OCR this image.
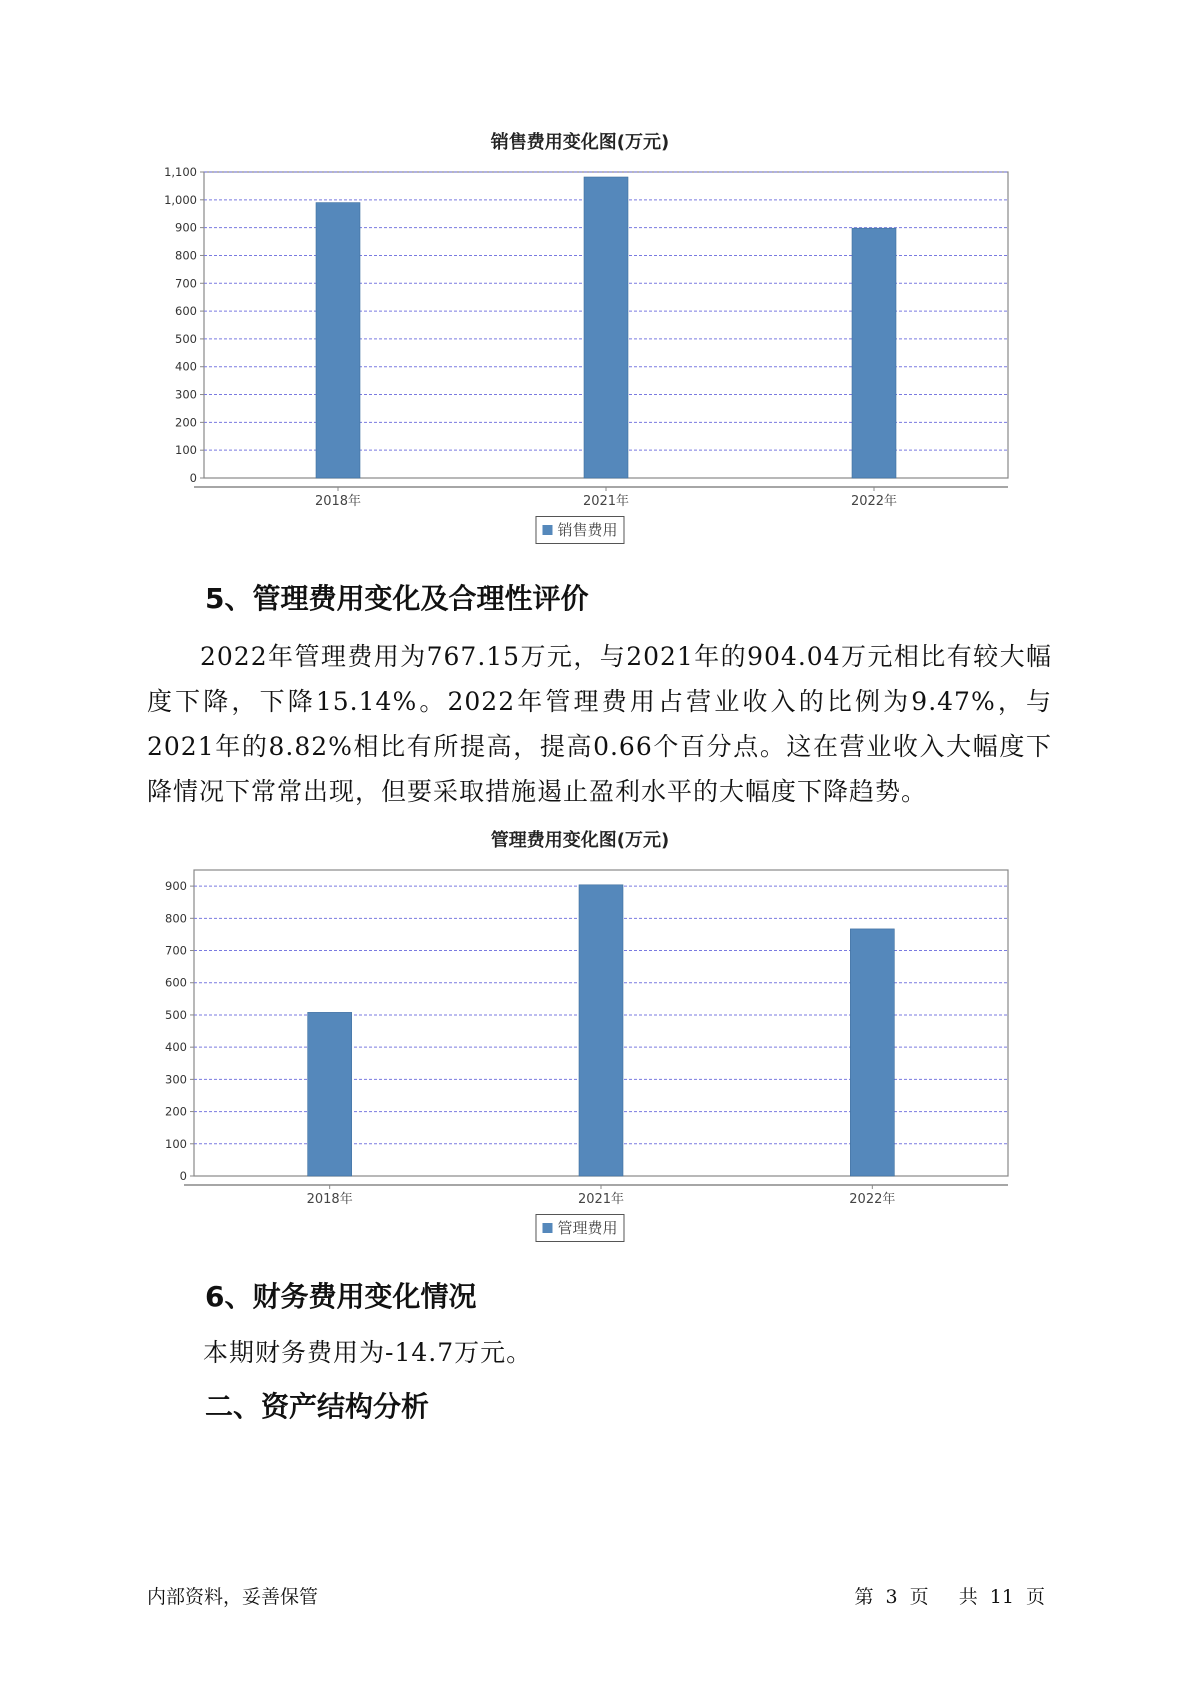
销售费用变化图(万元)
0
100
200
300
400
500
600
700
800
900
1,000
1,100
2018年	2021年	2022年
销售费用
5、管理费用变化及合理性评价

2022年管理费用为767.15万元，与2021年的904.04万元相比有较大幅度下降，下降15.14%。2022年管理费用占营业收入的比例为9.47%，与2021年的8.82%相比有所提高，提高0.66个百分点。这在营业收入大幅度下降情况下常常出现，但要采取措施遏止盈利水平的大幅度下降趋势。

管理费用变化图(万元)
0
100
200
300
400
500
600
700
800
900
2018年	2021年	2022年
管理费用
6、财务费用变化情况

本期财务费用为-14.7万元。

二、资产结构分析
内部资料，妥善保管	第 3 页 共 11 页
